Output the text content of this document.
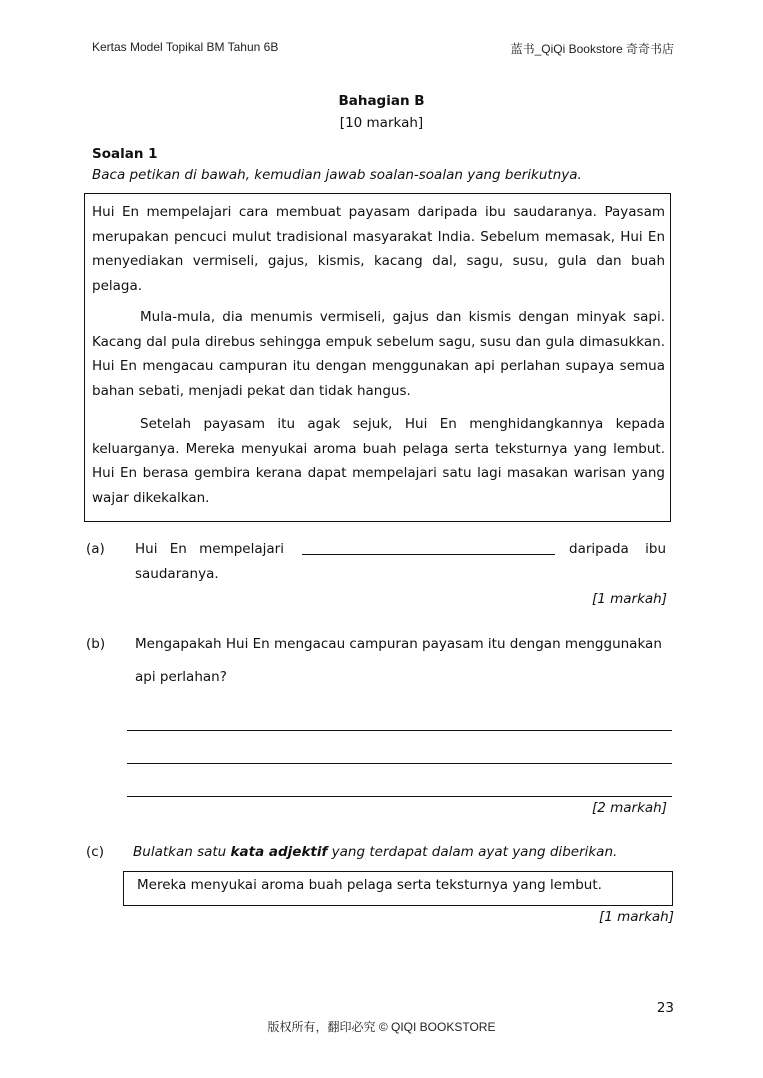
Kertas Model Topikal BM Tahun 6B	蓝书_QiQi Bookstore 奇奇书店
Bahagian B
[10 markah]
Soalan 1
Baca petikan di bawah, kemudian jawab soalan-soalan yang berikutnya.

Hui En mempelajari cara membuat payasam daripada ibu saudaranya. Payasam merupakan pencuci mulut tradisional masyarakat India. Sebelum memasak, Hui En menyediakan vermiseli, gajus, kismis, kacang dal, sagu, susu, gula dan buah pelaga.

Mula-mula, dia menumis vermiseli, gajus dan kismis dengan minyak sapi. Kacang dal pula direbus sehingga empuk sebelum sagu, susu dan gula dimasukkan. Hui En mengacau campuran itu dengan menggunakan api perlahan supaya semua bahan sebati, menjadi pekat dan tidak hangus.

Setelah payasam itu agak sejuk, Hui En menghidangkannya kepada keluarganya. Mereka menyukai aroma buah pelaga serta teksturnya yang lembut. Hui En berasa gembira kerana dapat mempelajari satu lagi masakan warisan yang wajar dikekalkan.

(a) Hui En mempelajari	daripada ibu
saudaranya.
[1 markah]
(b) Mengapakah Hui En mengacau campuran payasam itu dengan menggunakan
api perlahan?
[2 markah]
(c) Bulatkan satu kata adjektif yang terdapat dalam ayat yang diberikan.
Mereka menyukai aroma buah pelaga serta teksturnya yang lembut.
[1 markah]
23
版权所有，翻印必究 © QIQI BOOKSTORE
